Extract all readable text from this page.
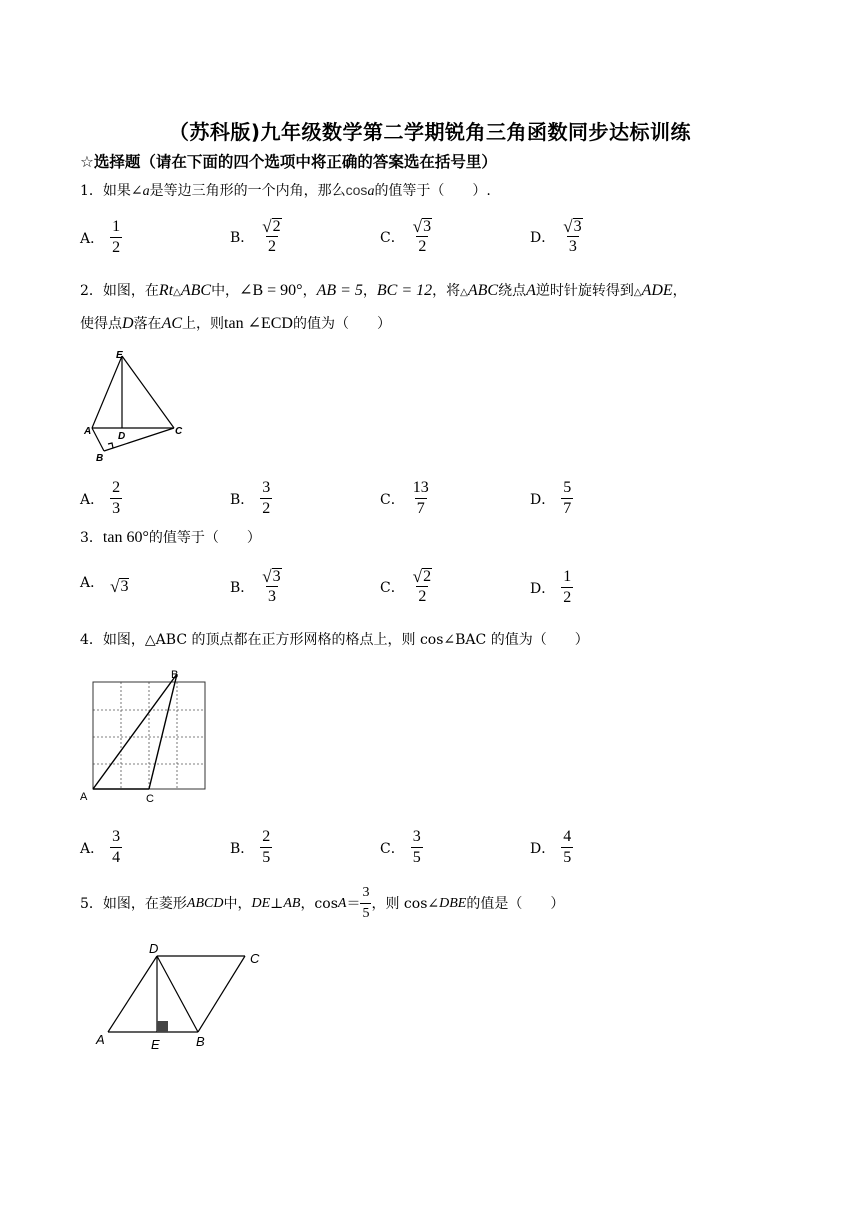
（苏科版)九年级数学第二学期锐角三角函数同步达标训练
☆选择题（请在下面的四个选项中将正确的答案选在括号里）
1．如果∠a是等边三角形的一个内角，那么cosa的值等于（　　）.
A． $\frac{1}{2}$	B． $\frac{√ 2}{2}$	C． $\frac{√ 3}{2}$	D． $\frac{√ 3}{3}$
2．如图，在Rt△ABC中，∠B = 90°，AB = 5，BC = 12，将△ABC绕点A逆时针旋转得到△ADE，
使得点D落在AC上，则tan ∠ECD的值为（　　）
E
A	D	C
B
A． $\frac{2}{3}$	B． $\frac{3}{2}$	C． $\frac{13}{7}$	D． $\frac{5}{7}$
3．tan 60°的值等于（　　）
A． √ 3	B． $\frac{√ 3}{3}$	C． $\frac{√ 2}{2}$	D． $\frac{1}{2}$
4．如图，△ABC 的顶点都在正方形网格的格点上，则 cos∠BAC 的值为（　　）
B
A	C
A． $\frac{3}{4}$	B． $\frac{2}{5}$	C． $\frac{3}{5}$	D． $\frac{4}{5}$
5．如图，在菱形 ABCD 中， DE ⊥ AB ，$\cos A = \frac{3}{5}$ ，则 cos∠ DBE 的值是（　　）
D
C
A	E	B
